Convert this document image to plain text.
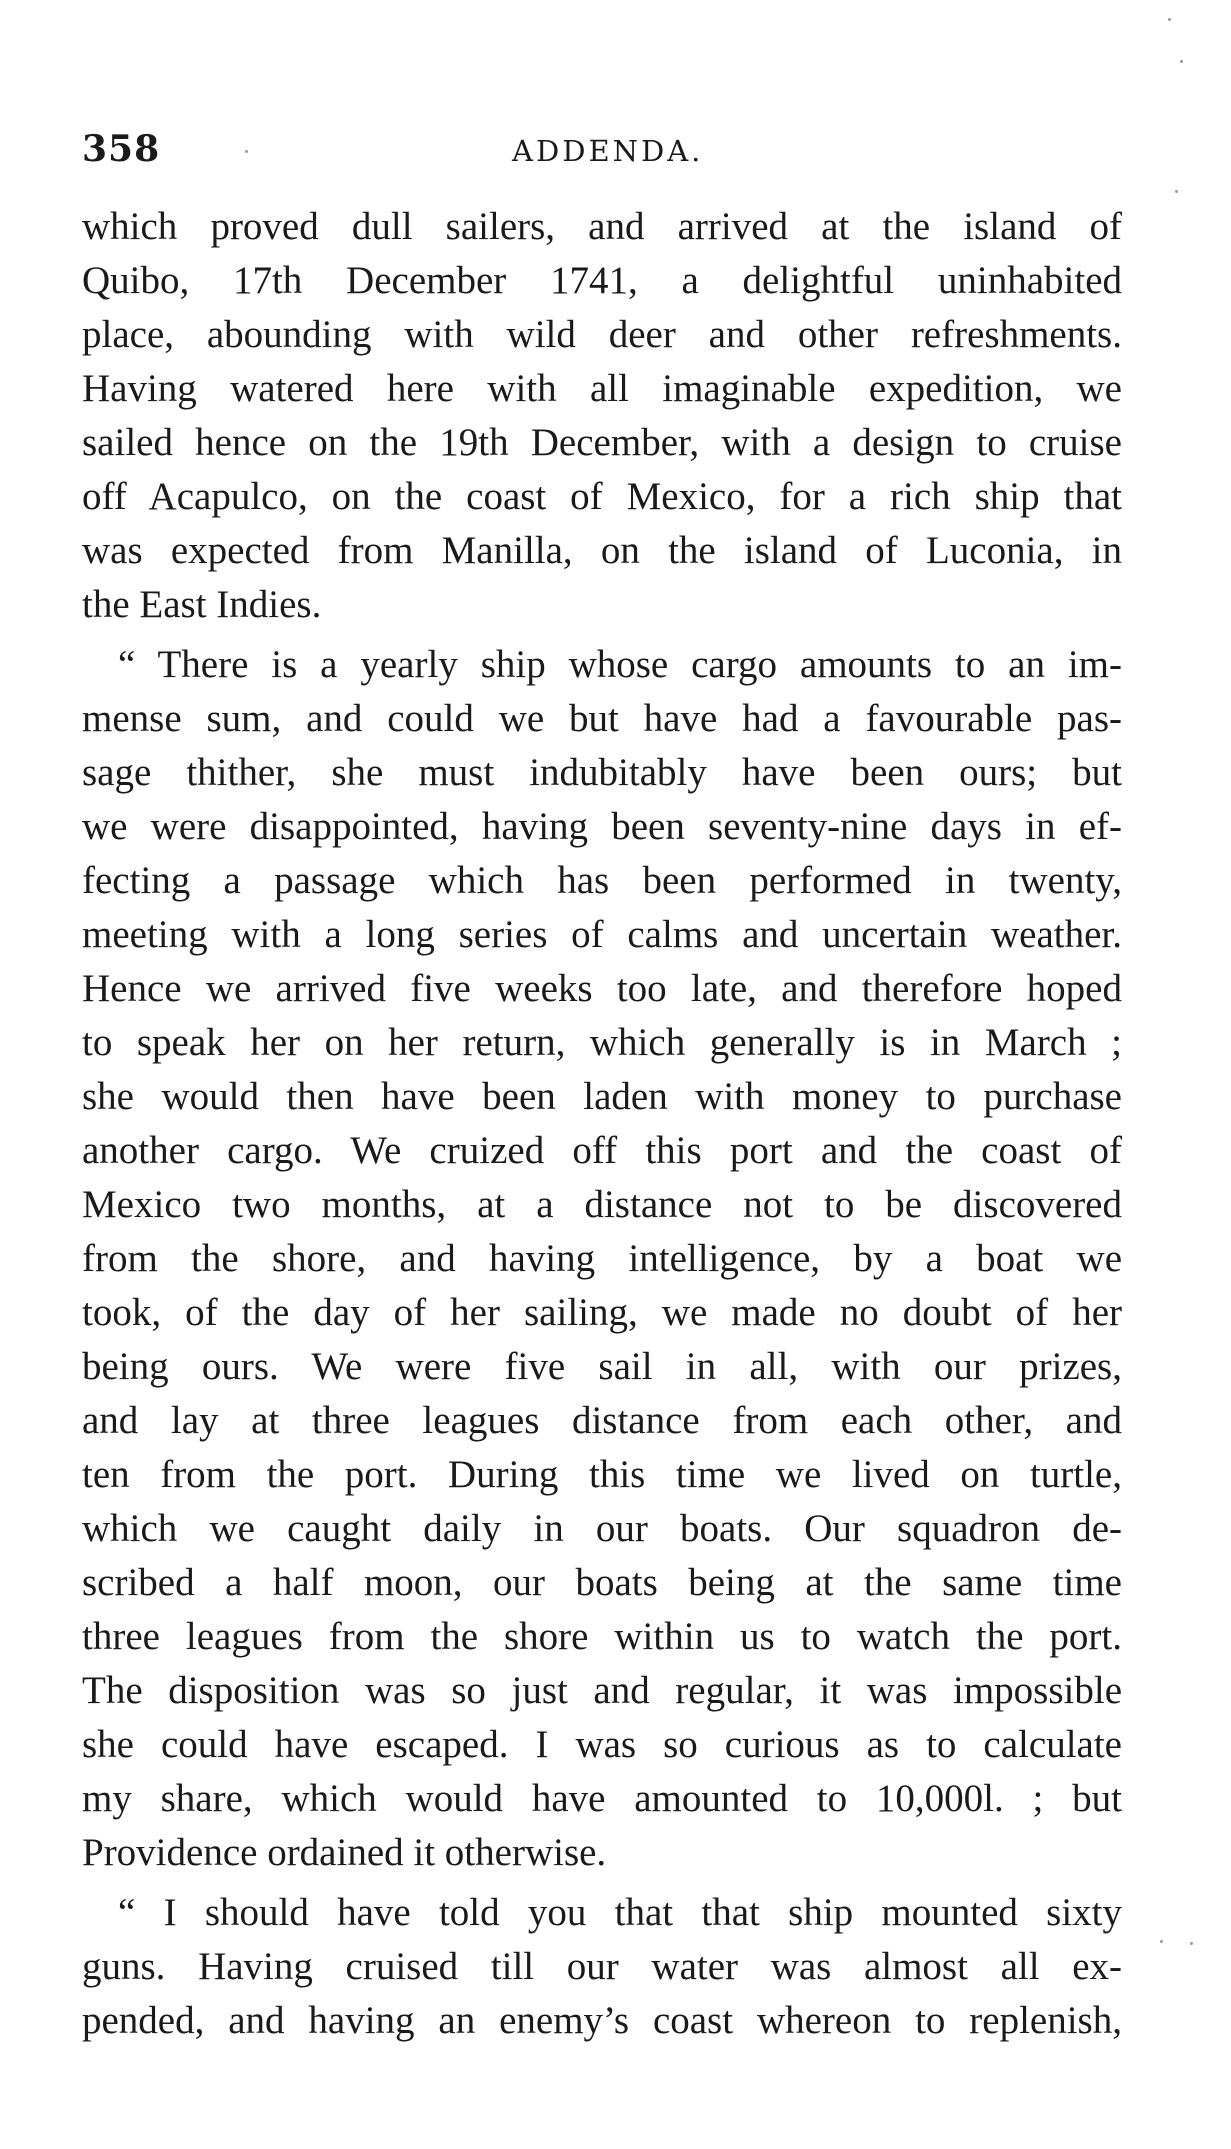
358	ADDENDA.
which proved dull sailers, and arrived at the island of
Quibo, 17th December 1741, a delightful uninhabited
place, abounding with wild deer and other refreshments.
Having watered here with all imaginable expedition, we
sailed hence on the 19th December, with a design to cruise
off Acapulco, on the coast of Mexico, for a rich ship that
was expected from Manilla, on the island of Luconia, in
the East Indies.
“ There is a yearly ship whose cargo amounts to an im-
mense sum, and could we but have had a favourable pas-
sage thither, she must indubitably have been ours; but
we were disappointed, having been seventy-nine days in ef-
fecting a passage which has been performed in twenty,
meeting with a long series of calms and uncertain weather.
Hence we arrived five weeks too late, and therefore hoped
to speak her on her return, which generally is in March ;
she would then have been laden with money to purchase
another cargo. We cruized off this port and the coast of
Mexico two months, at a distance not to be discovered
from the shore, and having intelligence, by a boat we
took, of the day of her sailing, we made no doubt of her
being ours. We were five sail in all, with our prizes,
and lay at three leagues distance from each other, and
ten from the port. During this time we lived on turtle,
which we caught daily in our boats. Our squadron de-
scribed a half moon, our boats being at the same time
three leagues from the shore within us to watch the port.
The disposition was so just and regular, it was impossible
she could have escaped. I was so curious as to calculate
my share, which would have amounted to 10,000l. ; but
Providence ordained it otherwise.
“ I should have told you that that ship mounted sixty
guns. Having cruised till our water was almost all ex-
pended, and having an enemy’s coast whereon to replenish,
